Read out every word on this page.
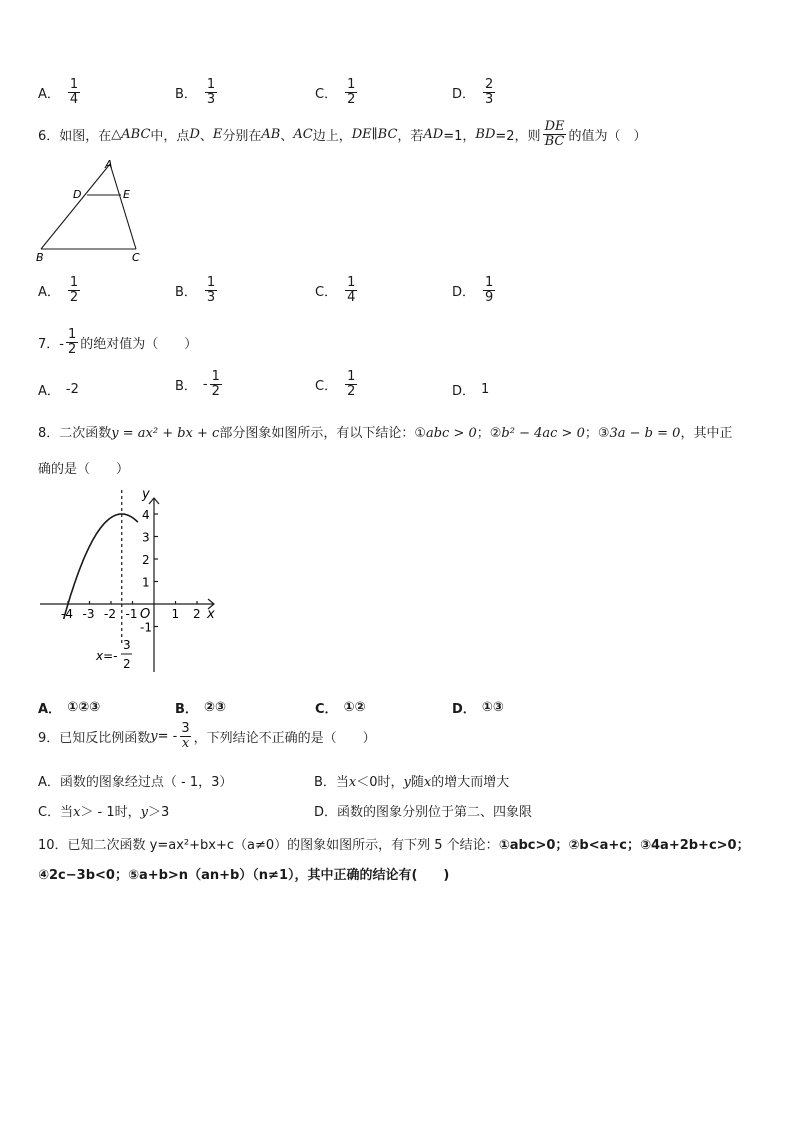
A． $\frac{1}{4}$	B． $\frac{1}{3}$	C． $\frac{1}{2}$	D． $\frac{2}{3}$
6．如图，在 △ABC 中，点 D 、 E 分别在 AB 、 AC 边上， DE∥BC ，若 AD =1， BD =2，则 $\frac{DE}{BC}$ 的值为（　）
A
D	E
B	C
A． $\frac{1}{2}$	B． $\frac{1}{3}$	C． $\frac{1}{4}$	D． $\frac{1}{9}$
7．- $\frac{1}{2}$ 的绝对值为（　　）
A． -2	B． - $\frac{1}{2}$	C． $\frac{1}{2}$	D． 1
8．二次函数y = ax² + bx + c部分图象如图所示，有以下结论：①abc > 0；②b² − 4ac > 0；③3a − b = 0，其中正
确的是（　　）
-4 -3 -2 -1	1 2
4
3
2
1
-1
y
x
O
x=-
3
2
A． ①②③	B． ②③	C． ①②	D． ①③
9．已知反比例函数 y = - $\frac{3}{x}$ ，下列结论不正确的是（　　）
A．函数的图象经过点（ - 1，3）	B．当x＜0时，y随x的增大而增大
C．当x＞ - 1时，y＞3	D．函数的图象分别位于第二、四象限
10．已知二次函数 y=ax²+bx+c（a≠0）的图象如图所示，有下列 5 个结论：①abc>0；②b<a+c；③4a+2b+c>0；
④2c−3b<0；⑤a+b>n（an+b）（n≠1），其中正确的结论有(　　)
